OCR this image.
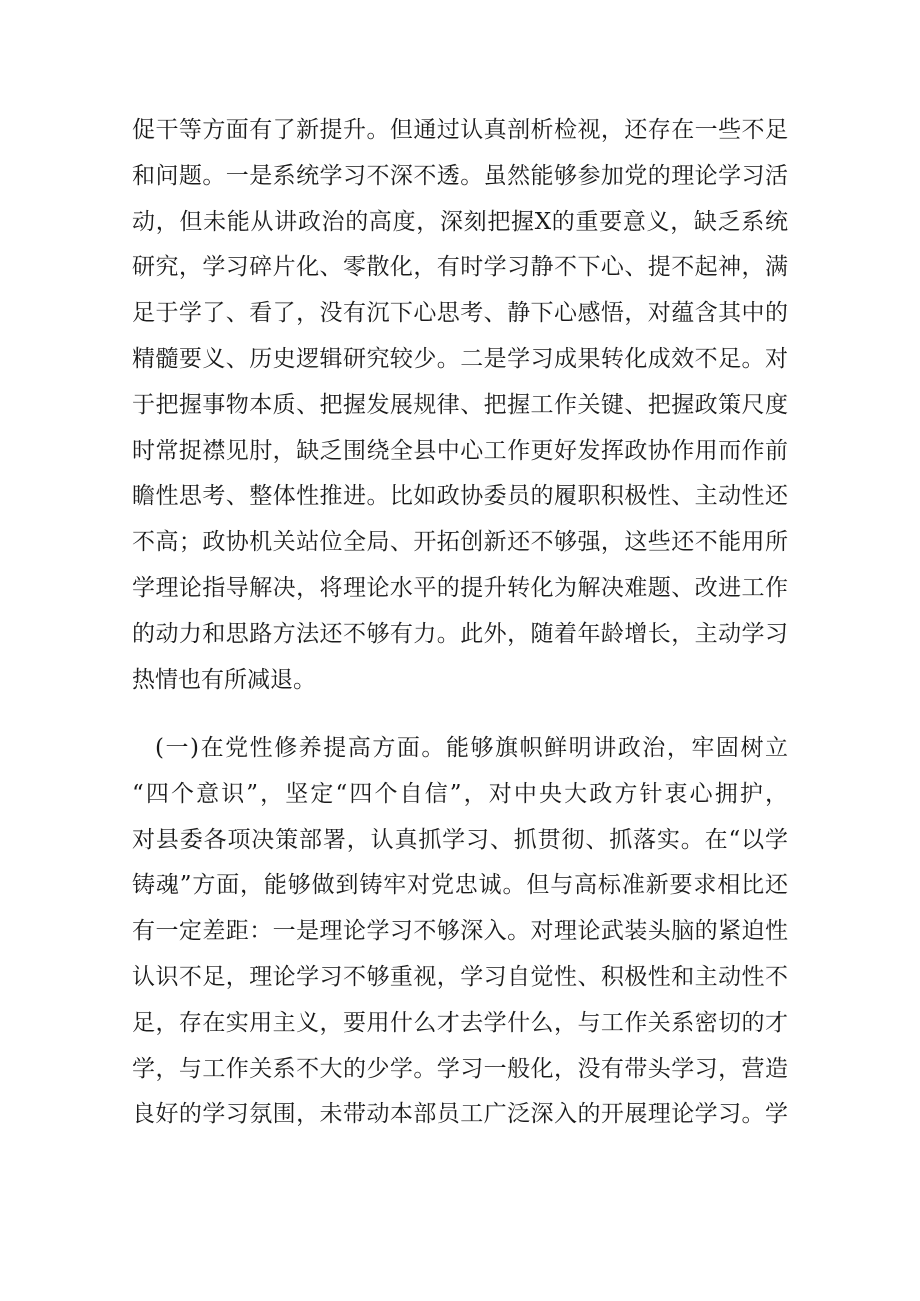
促干等方面有了新提升。但通过认真剖析检视，还存在一些不足
和问题。一是系统学习不深不透。虽然能够参加党的理论学习活
动，但未能从讲政治的高度，深刻把握X的重要意义，缺乏系统
研究，学习碎片化、零散化，有时学习静不下心、提不起神，满
足于学了、看了，没有沉下心思考、静下心感悟，对蕴含其中的
精髓要义、历史逻辑研究较少。二是学习成果转化成效不足。对
于把握事物本质、把握发展规律、把握工作关键、把握政策尺度
时常捉襟见肘，缺乏围绕全县中心工作更好发挥政协作用而作前
瞻性思考、整体性推进。比如政协委员的履职积极性、主动性还
不高；政协机关站位全局、开拓创新还不够强，这些还不能用所
学理论指导解决，将理论水平的提升转化为解决难题、改进工作
的动力和思路方法还不够有力。此外，随着年龄增长，主动学习
热情也有所减退。
(一)在党性修养提高方面。能够旗帜鲜明讲政治，牢固树立
“四个意识”，坚定“四个自信”，对中央大政方针衷心拥护，
对县委各项决策部署，认真抓学习、抓贯彻、抓落实。在“以学
铸魂”方面，能够做到铸牢对党忠诚。但与高标准新要求相比还
有一定差距：一是理论学习不够深入。对理论武装头脑的紧迫性
认识不足，理论学习不够重视，学习自觉性、积极性和主动性不
足，存在实用主义，要用什么才去学什么，与工作关系密切的才
学，与工作关系不大的少学。学习一般化，没有带头学习，营造
良好的学习氛围，未带动本部员工广泛深入的开展理论学习。学
